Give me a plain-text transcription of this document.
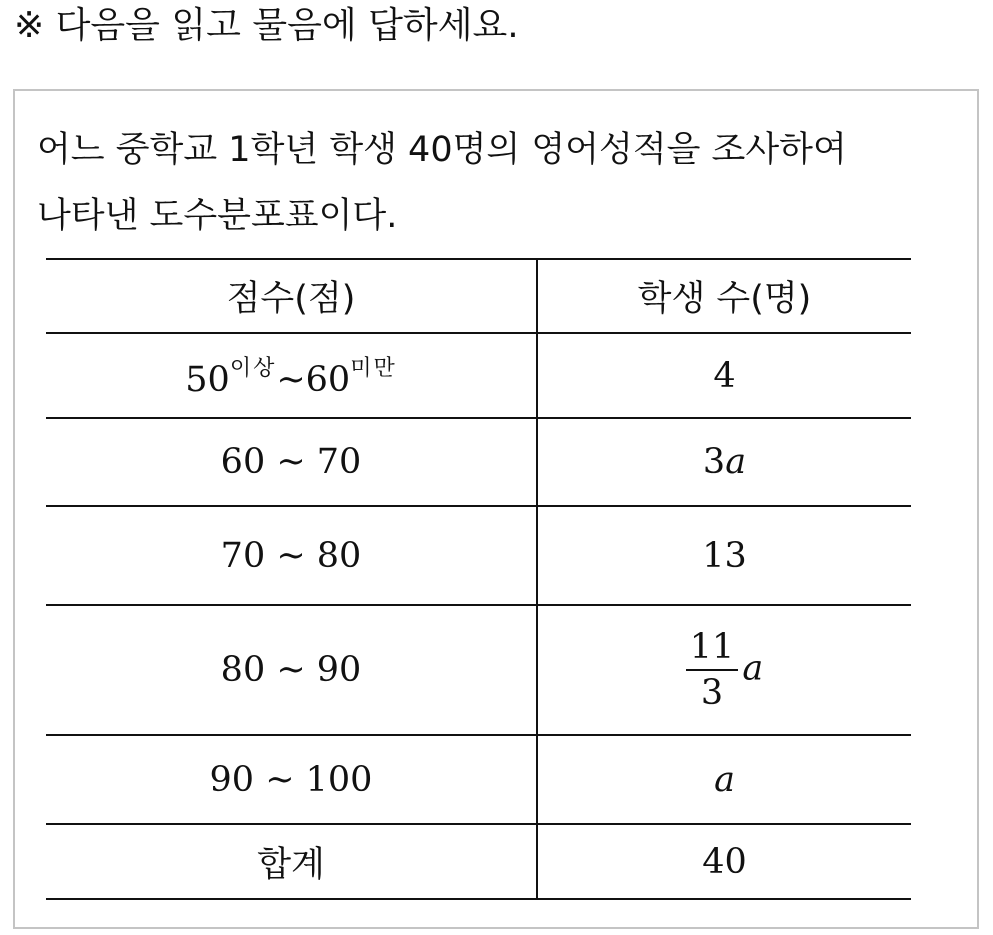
※ 다음을 읽고 물음에 답하세요.
어느 중학교 1학년 학생 40명의 영어성적을 조사하여
나타낸 도수분포표이다.
점수(점)	학생 수(명)
$50^{이상}\sim 60^{미만}$	4
60 ~ 70	3a
70 ~ 80	13
80 ~ 90	$\frac{11}{3}$ a
90 ~ 100	a
합계	40
